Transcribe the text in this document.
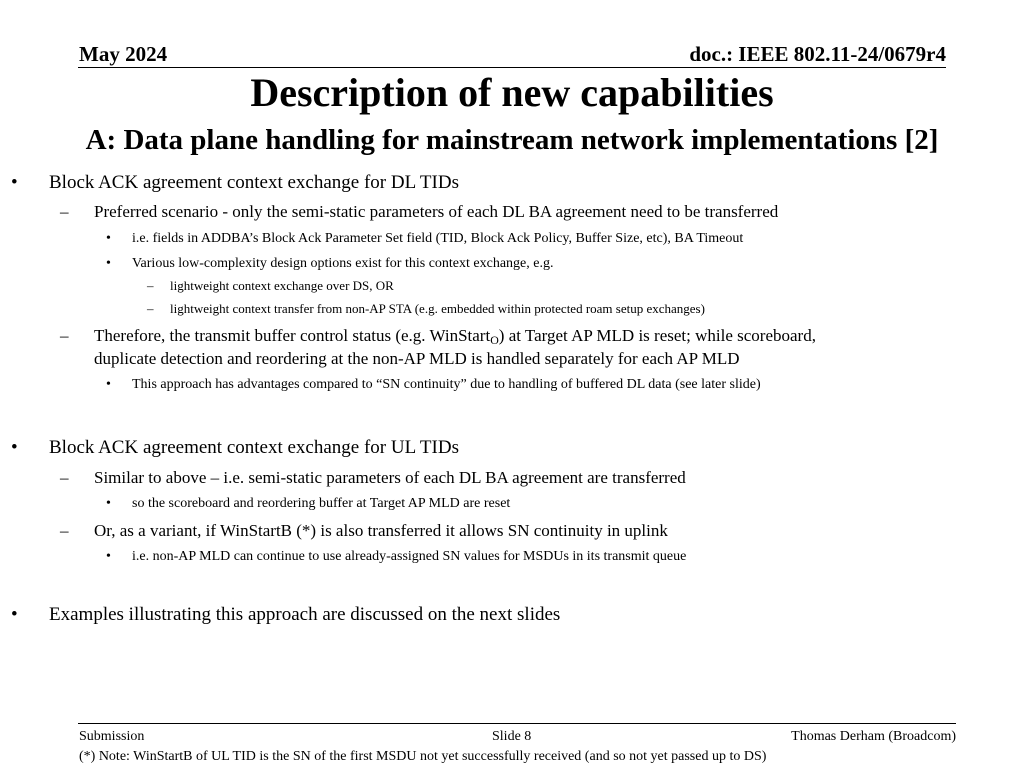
May 2024	doc.: IEEE 802.11-24/0679r4
Description of new capabilities
A: Data plane handling for mainstream network implementations [2]
• Block ACK agreement context exchange for DL TIDs
– Preferred scenario - only the semi-static parameters of each DL BA agreement need to be transferred
• i.e. fields in ADDBA’s Block Ack Parameter Set field (TID, Block Ack Policy, Buffer Size, etc), BA Timeout
• Various low-complexity design options exist for this context exchange, e.g.
– lightweight context exchange over DS, OR
– lightweight context transfer from non-AP STA (e.g. embedded within protected roam setup exchanges)
– Therefore, the transmit buffer control status (e.g. WinStart$_O$) at Target AP MLD is reset; while scoreboard,
duplicate detection and reordering at the non-AP MLD is handled separately for each AP MLD
• This approach has advantages compared to “SN continuity” due to handling of buffered DL data (see later slide)
• Block ACK agreement context exchange for UL TIDs
– Similar to above – i.e. semi-static parameters of each DL BA agreement are transferred
• so the scoreboard and reordering buffer at Target AP MLD are reset
– Or, as a variant, if WinStartB (*) is also transferred it allows SN continuity in uplink
• i.e. non-AP MLD can continue to use already-assigned SN values for MSDUs in its transmit queue
• Examples illustrating this approach are discussed on the next slides
Submission	Slide 8	Thomas Derham (Broadcom)
(*) Note: WinStartB of UL TID is the SN of the first MSDU not yet successfully received (and so not yet passed up to DS)
